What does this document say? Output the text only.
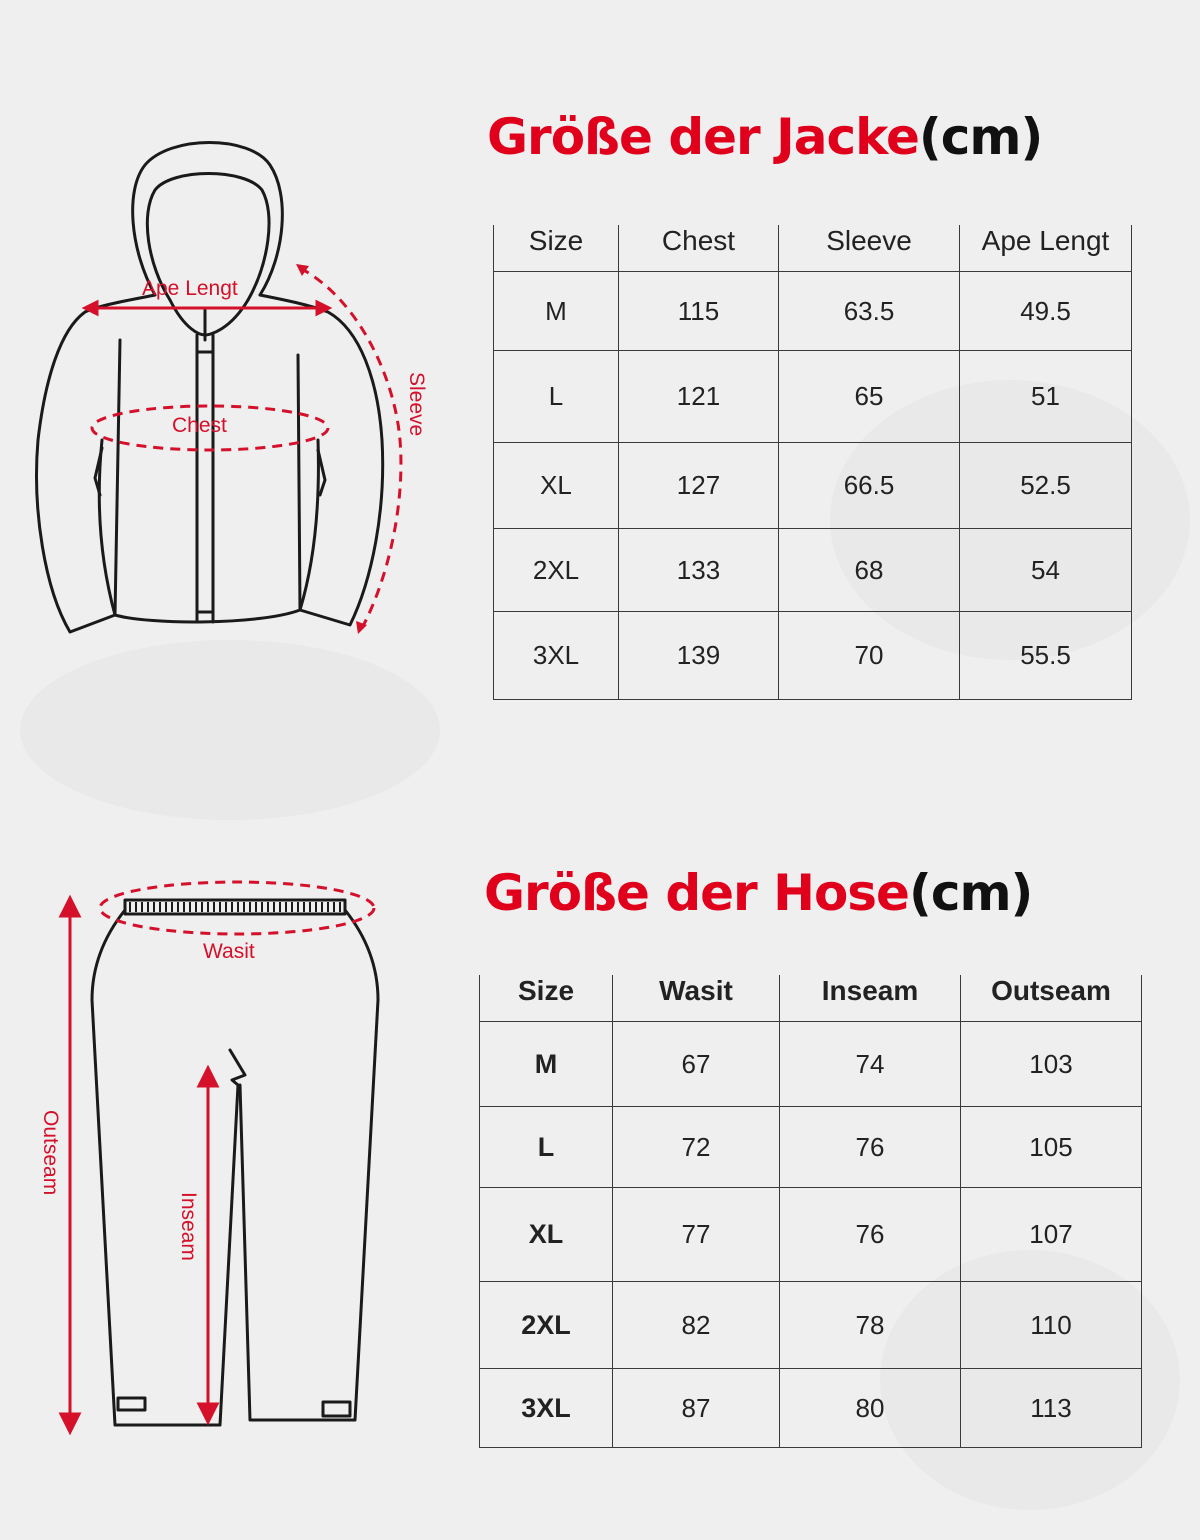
Ape Lengt
Chest	Sleeve
Größe der Jacke(cm)
Size	Chest	Sleeve	Ape Lengt
M	115	63.5	49.5
L	121	65	51
XL	127	66.5	52.5
2XL	133	68	54
3XL	139	70	55.5
Wasit
Outseam
Inseam
Größe der Hose(cm)
Size	Wasit	Inseam	Outseam
M	67	74	103
L	72	76	105
XL	77	76	107
2XL	82	78	110
3XL	87	80	113
